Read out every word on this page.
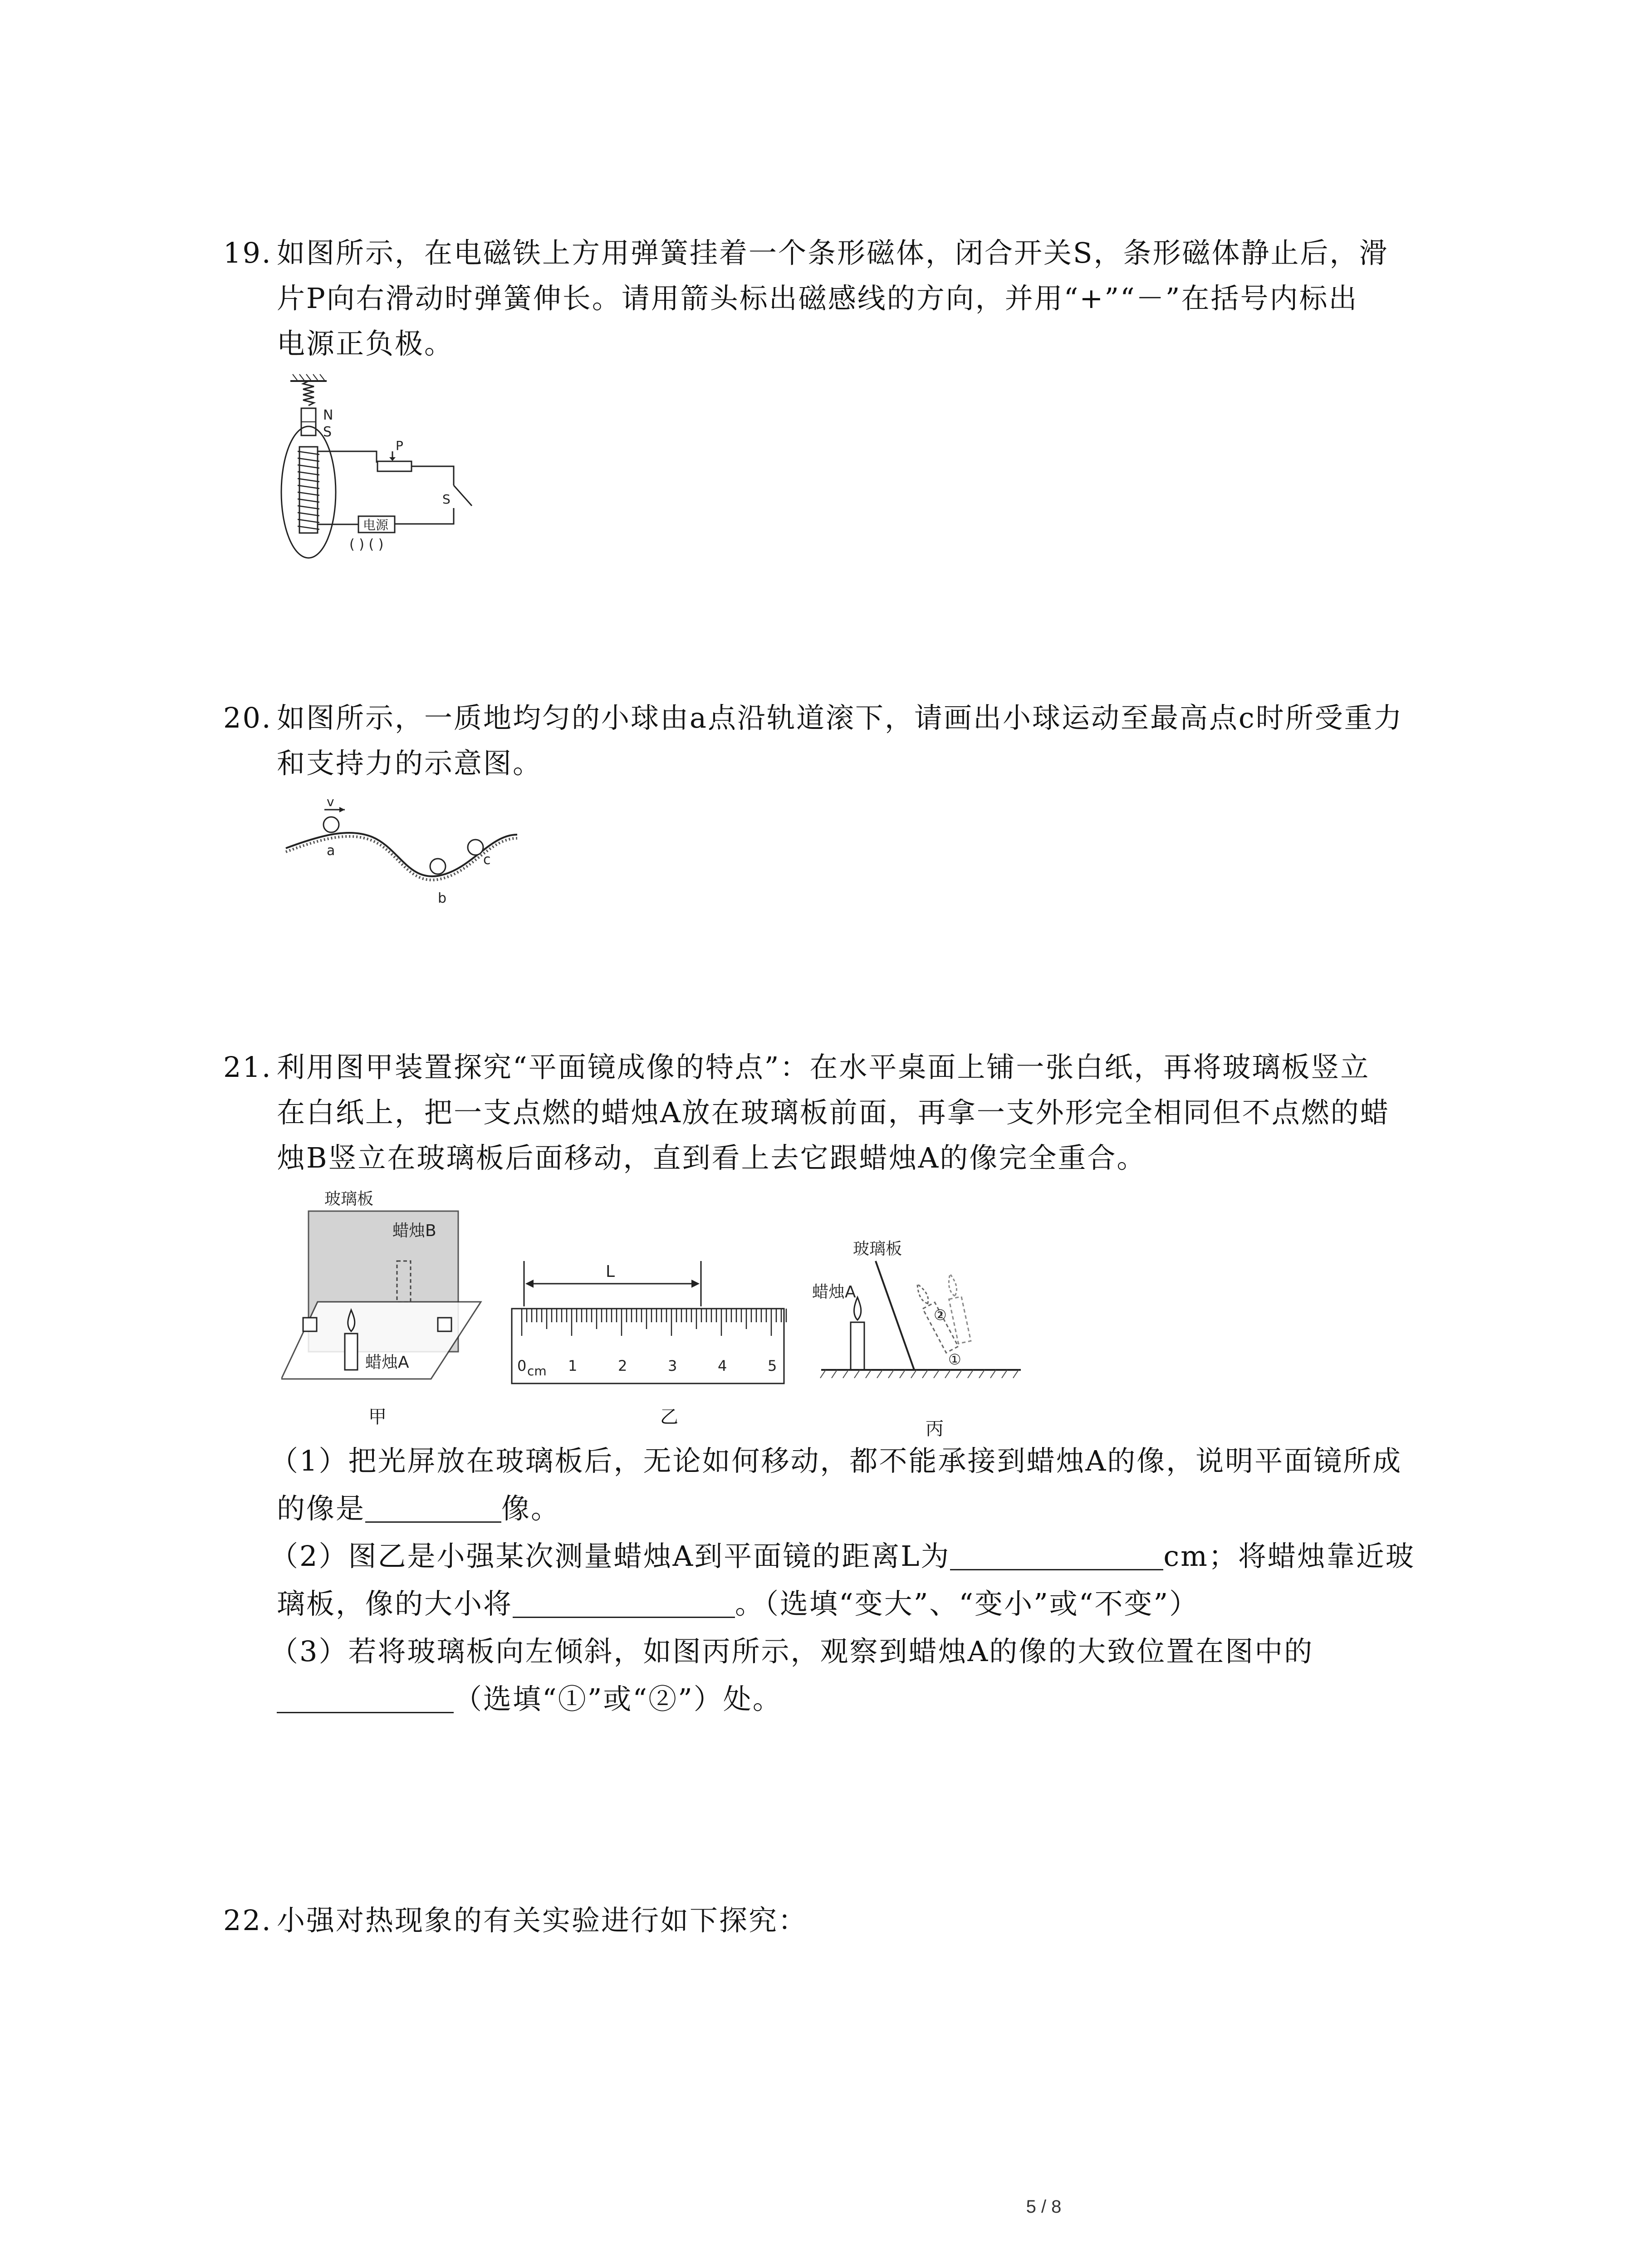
19. 如图所示，在电磁铁上方用弹簧挂着一个条形磁体，闭合开关S，条形磁体静止后，滑
片P向右滑动时弹簧伸长。请用箭头标出磁感线的方向，并用“+”“－”在括号内标出
电源正负极。
N
S
P
S
电源
( ) ( )
20. 如图所示，一质地均匀的小球由a点沿轨道滚下，请画出小球运动至最高点c时所受重力
和支持力的示意图。
v
a
b
c
21. 利用图甲装置探究“平面镜成像的特点”：在水平桌面上铺一张白纸，再将玻璃板竖立
在白纸上，把一支点燃的蜡烛A放在玻璃板前面，再拿一支外形完全相同但不点燃的蜡
烛B竖立在玻璃板后面移动，直到看上去它跟蜡烛A的像完全重合。
玻璃板
蜡烛B
蜡烛A
甲
L
0 cm 1	2	3	4	5
乙
玻璃板
蜡烛A
②
①
丙
（1）把光屏放在玻璃板后，无论如何移动，都不能承接到蜡烛A的像，说明平面镜所成
的像是	像。
（2）图乙是小强某次测量蜡烛A到平面镜的距离L为	cm；将蜡烛靠近玻
璃板，像的大小将	。（选填“变大”、“变小”或“不变”）
（3）若将玻璃板向左倾斜，如图丙所示，观察到蜡烛A的像的大致位置在图中的
（选填“①”或“②”）处。
22. 小强对热现象的有关实验进行如下探究：
5 / 8
